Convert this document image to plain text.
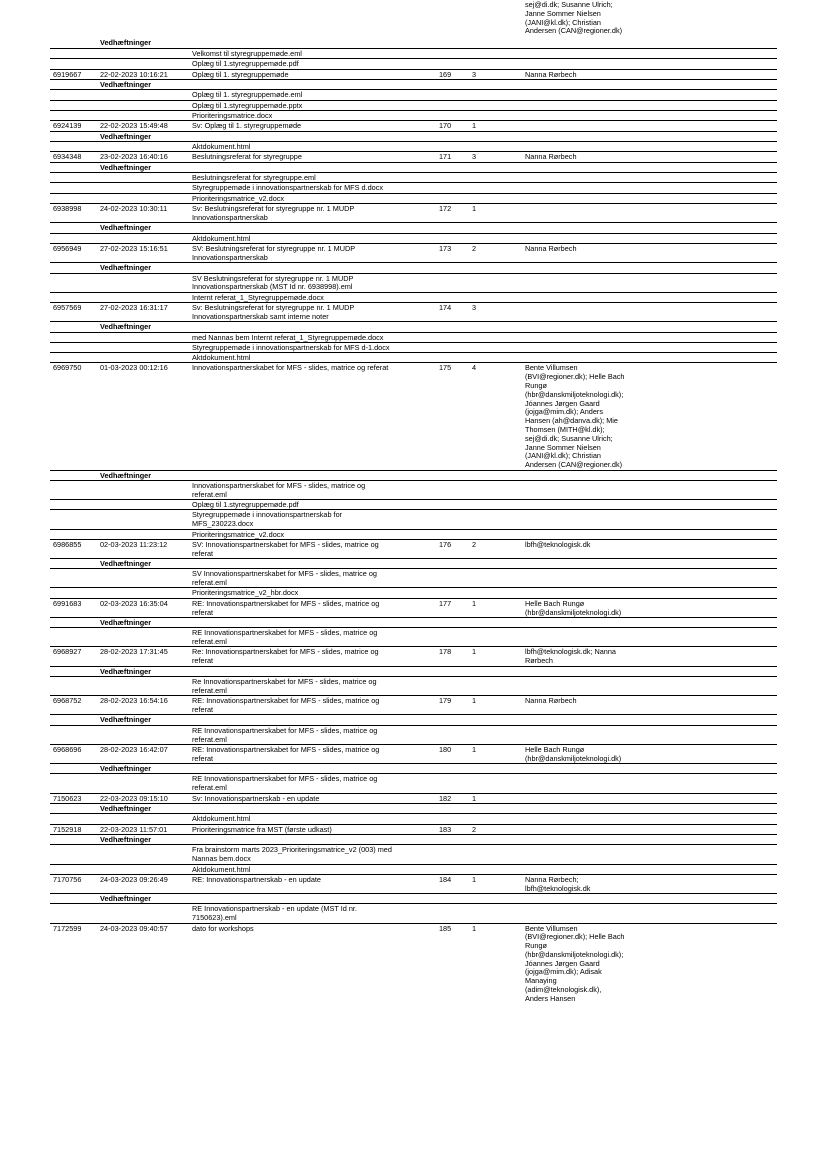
sej@di.dk; Susanne Ulrich;
Janne Sommer Nielsen
(JANI@kl.dk); Christian
Andersen (CAN@regioner.dk)
Vedhæftninger
Velkomst til styregruppemøde.eml
Oplæg til 1.styregruppemøde.pdf
6919667	22-02-2023 10:16:21	Oplæg til 1. styregruppemøde	169	3	Nanna Rørbech
Vedhæftninger
Oplæg til 1. styregruppemøde.eml
Oplæg til 1.styregruppemøde.pptx
Prioriteringsmatrice.docx
6924139	22-02-2023 15:49:48	Sv: Oplæg til 1. styregruppemøde	170	1
Vedhæftninger
Aktdokument.html
6934348	23-02-2023 16:40:16	Beslutningsreferat for styregruppe	171	3	Nanna Rørbech
Vedhæftninger
Beslutningsreferat for styregruppe.eml
Styregruppemøde i innovationspartnerskab for MFS d.docx
Prioriteringsmatrice_v2.docx
6938998	24-02-2023 10:30:11	Sv: Beslutningsreferat for styregruppe nr. 1 MUDP
Innovationspartnerskab
172	1
Vedhæftninger
Aktdokument.html
6956949	27-02-2023 15:16:51	SV: Beslutningsreferat for styregruppe nr. 1 MUDP
Innovationspartnerskab
173	2	Nanna Rørbech
Vedhæftninger
SV Beslutningsreferat for styregruppe nr. 1 MUDP
Innovationspartnerskab (MST Id nr. 6938998).eml
Internt referat_1_Styregruppemøde.docx
6957569	27-02-2023 16:31:17	Sv: Beslutningsreferat for styregruppe nr. 1 MUDP
Innovationspartnerskab samt interne noter
174	3
Vedhæftninger
med Nannas bem Internt referat_1_Styregruppemøde.docx
Styregruppemøde i innovationspartnerskab for MFS d-1.docx
Aktdokument.html
6969750	01-03-2023 00:12:16	Innovationspartnerskabet for MFS - slides, matrice og referat	175	4	Bente Villumsen
(BVI@regioner.dk); Helle Bach
Rungø
(hbr@danskmiljoteknologi.dk);
Jóannes Jørgen Gaard
(jojga@mim.dk); Anders
Hansen (ah@danva.dk); Mie
Thomsen (MITH@kl.dk);
sej@di.dk; Susanne Ulrich;
Janne Sommer Nielsen
(JANI@kl.dk); Christian
Andersen (CAN@regioner.dk)
Vedhæftninger
Innovationspartnerskabet for MFS - slides, matrice og
referat.eml
Oplæg til 1.styregruppemøde.pdf
Styregruppemøde i innovationspartnerskab for
MFS_230223.docx
Prioriteringsmatrice_v2.docx
6986855	02-03-2023 11:23:12	SV: Innovationspartnerskabet for MFS - slides, matrice og
referat
176	2	lbfh@teknologisk.dk
Vedhæftninger
SV Innovationspartnerskabet for MFS - slides, matrice og
referat.eml
Prioriteringsmatrice_v2_hbr.docx
6991683	02-03-2023 16:35:04	RE: Innovationspartnerskabet for MFS - slides, matrice og
referat
177	1	Helle Bach Rungø
(hbr@danskmiljoteknologi.dk)
Vedhæftninger
RE Innovationspartnerskabet for MFS - slides, matrice og
referat.eml
6968927	28-02-2023 17:31:45	Re: Innovationspartnerskabet for MFS - slides, matrice og
referat
178	1	lbfh@teknologisk.dk; Nanna
Rørbech
Vedhæftninger
Re Innovationspartnerskabet for MFS - slides, matrice og
referat.eml
6968752	28-02-2023 16:54:16	RE: Innovationspartnerskabet for MFS - slides, matrice og
referat
179	1	Nanna Rørbech
Vedhæftninger
RE Innovationspartnerskabet for MFS - slides, matrice og
referat.eml
6968696	28-02-2023 16:42:07	RE: Innovationspartnerskabet for MFS - slides, matrice og
referat
180	1	Helle Bach Rungø
(hbr@danskmiljoteknologi.dk)
Vedhæftninger
RE Innovationspartnerskabet for MFS - slides, matrice og
referat.eml
7150623	22-03-2023 09:15:10	Sv: Innovationspartnerskab - en update	182	1
Vedhæftninger
Aktdokument.html
7152918	22-03-2023 11:57:01	Prioriteringsmatrice fra MST (første udkast)	183	2
Vedhæftninger
Fra brainstorm marts 2023_Prioriteringsmatrice_v2 (003) med
Nannas bem.docx
Aktdokument.html
7170756	24-03-2023 09:26:49	RE: Innovationspartnerskab - en update	184	1	Nanna Rørbech;
lbfh@teknologisk.dk
Vedhæftninger
RE Innovationspartnerskab - en update (MST Id nr.
7150623).eml
7172599	24-03-2023 09:40:57	dato for workshops	185	1	Bente Villumsen
(BVI@regioner.dk); Helle Bach
Rungø
(hbr@danskmiljoteknologi.dk);
Jóannes Jørgen Gaard
(jojga@mim.dk); Adisak
Manaying
(adim@teknologisk.dk),
Anders Hansen
